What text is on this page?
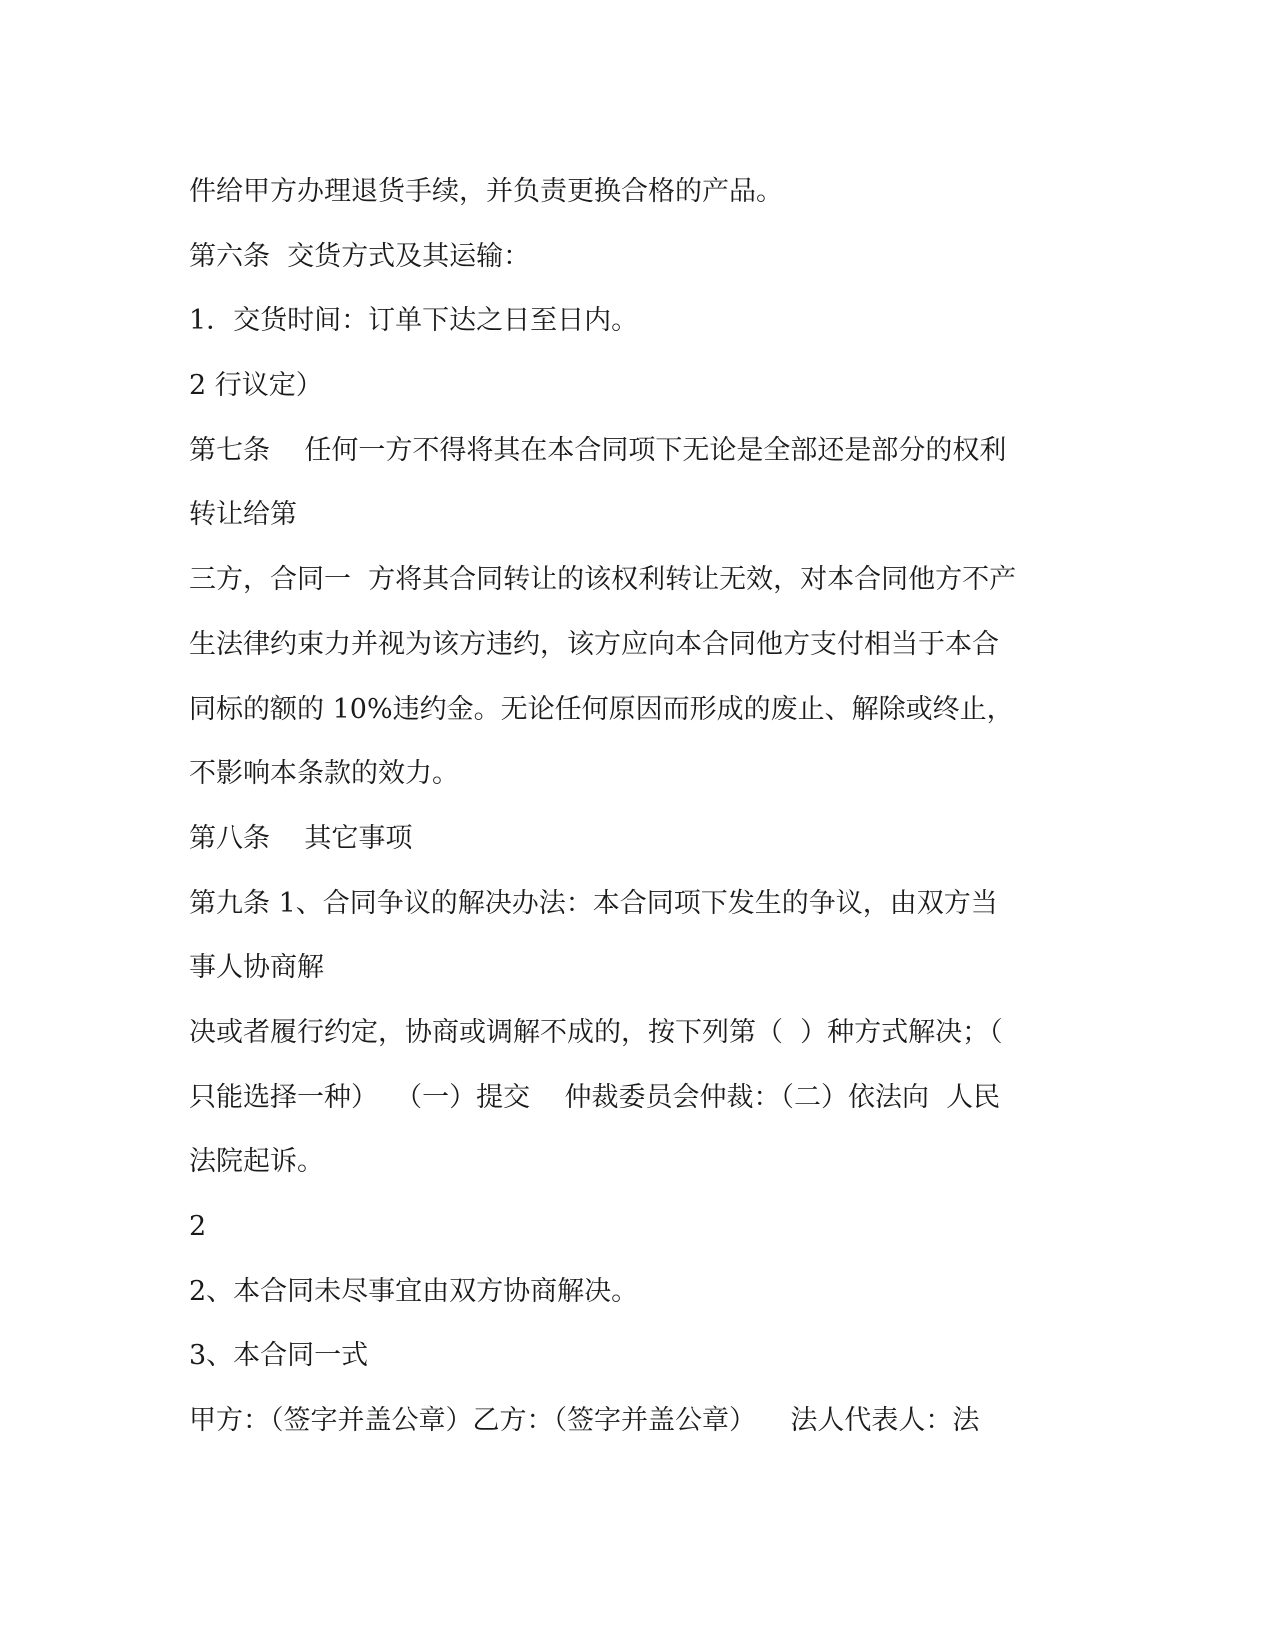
件给甲方办理退货手续，并负责更换合格的产品。

第六条  交货方式及其运输：

1．交货时间：订单下达之日至日内。

2 行议定）

第七条    任何一方不得将其在本合同项下无论是全部还是部分的权利

转让给第

三方，合同一  方将其合同转让的该权利转让无效，对本合同他方不产

生法律约束力并视为该方违约，该方应向本合同他方支付相当于本合

同标的额的 10%违约金。无论任何原因而形成的废止、解除或终止，

不影响本条款的效力。

第八条    其它事项

第九条 1、合同争议的解决办法：本合同项下发生的争议，由双方当

事人协商解

决或者履行约定，协商或调解不成的，按下列第（  ）种方式解决；（

只能选择一种）  （一）提交    仲裁委员会仲裁：（二）依法向  人民

法院起诉。

2

2、本合同未尽事宜由双方协商解决。

3、本合同一式

甲方：（签字并盖公章）乙方：（签字并盖公章）    法人代表人：法
